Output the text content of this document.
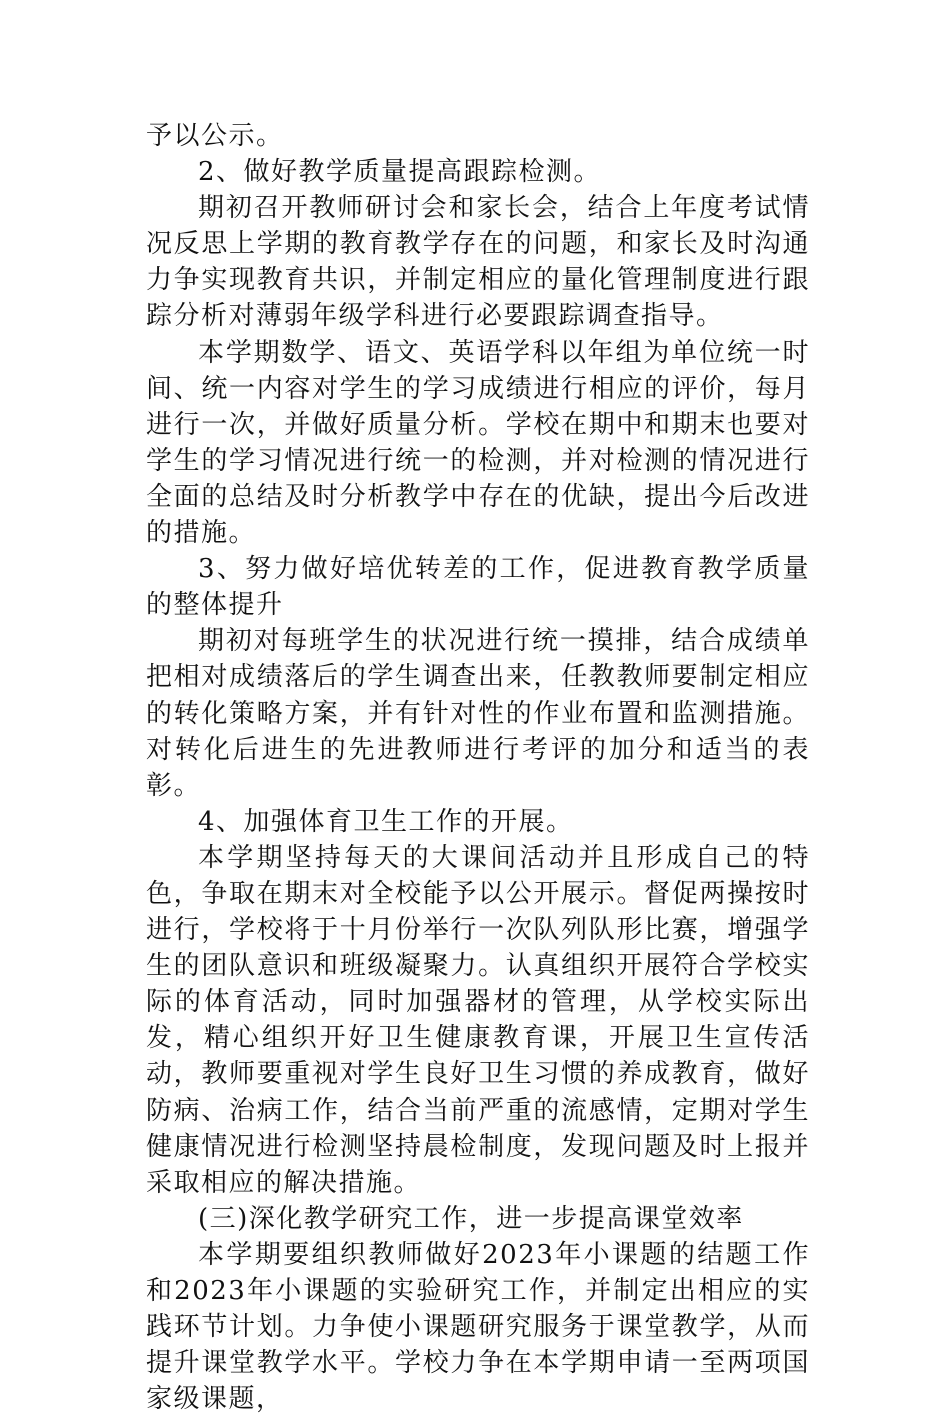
予以公示。

2、做好教学质量提高跟踪检测。

期初召开教师研讨会和家长会，结合上年度考试情况反思上学期的教育教学存在的问题，和家长及时沟通力争实现教育共识，并制定相应的量化管理制度进行跟踪分析对薄弱年级学科进行必要跟踪调查指导。

本学期数学、语文、英语学科以年组为单位统一时间、统一内容对学生的学习成绩进行相应的评价，每月进行一次，并做好质量分析。学校在期中和期末也要对学生的学习情况进行统一的检测，并对检测的情况进行全面的总结及时分析教学中存在的优缺，提出今后改进的措施。

3、努力做好培优转差的工作，促进教育教学质量的整体提升

期初对每班学生的状况进行统一摸排，结合成绩单把相对成绩落后的学生调查出来，任教教师要制定相应的转化策略方案，并有针对性的作业布置和监测措施。对转化后进生的先进教师进行考评的加分和适当的表彰。

4、加强体育卫生工作的开展。

本学期坚持每天的大课间活动并且形成自己的特色，争取在期末对全校能予以公开展示。督促两操按时进行，学校将于十月份举行一次队列队形比赛，增强学生的团队意识和班级凝聚力。认真组织开展符合学校实际的体育活动，同时加强器材的管理，从学校实际出发，精心组织开好卫生健康教育课，开展卫生宣传活动，教师要重视对学生良好卫生习惯的养成教育，做好防病、治病工作，结合当前严重的流感情，定期对学生健康情况进行检测坚持晨检制度，发现问题及时上报并采取相应的解决措施。

(三)深化教学研究工作，进一步提高课堂效率

本学期要组织教师做好2023年小课题的结题工作和2023年小课题的实验研究工作，并制定出相应的实践环节计划。力争使小课题研究服务于课堂教学，从而提升课堂教学水平。学校力争在本学期申请一至两项国家级课题，
